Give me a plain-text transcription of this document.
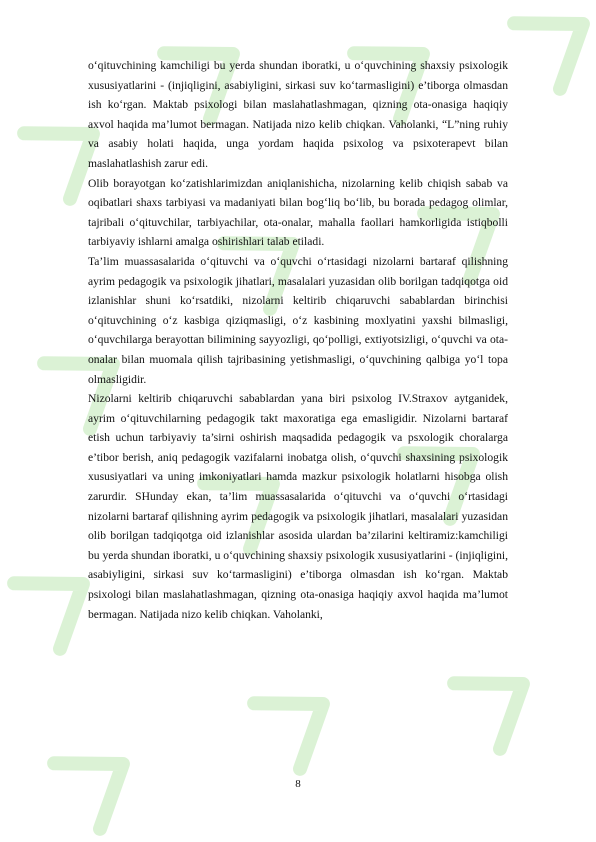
o‘qituvchining kamchiligi bu yerda shundan iboratki, u o‘quvchining shaxsiy psixologik xususiyatlarini - (injiqligini, asabiyligini, sirkasi suv ko‘tarmasligini) e’tiborga olmasdan ish ko‘rgan. Maktab psixologi bilan maslahatlashmagan, qizning ota-onasiga haqiqiy axvol haqida ma’lumot bermagan. Natijada nizo kelib chiqkan. Vaholanki, “L”ning ruhiy va asabiy holati haqida, unga yordam haqida psixolog va psixoterapevt bilan maslahatlashish zarur edi.

Olib borayotgan ko‘zatishlarimizdan aniqlanishicha, nizolarning kelib chiqish sabab va oqibatlari shaxs tarbiyasi va madaniyati bilan bog‘liq bo‘lib, bu borada pedagog olimlar, tajribali o‘qituvchilar, tarbiyachilar, ota-onalar, mahalla faollari hamkorligida istiqbolli tarbiyaviy ishlarni amalga oshirishlari talab etiladi.

Ta’lim muassasalarida o‘qituvchi va o‘quvchi o‘rtasidagi nizolarni bartaraf qilishning ayrim pedagogik va psixologik jihatlari, masalalari yuzasidan olib borilgan tadqiqotga oid izlanishlar shuni ko‘rsatdiki, nizolarni keltirib chiqaruvchi sabablardan birinchisi o‘qituvchining o‘z kasbiga qiziqmasligi, o‘z kasbining moxlyatini yaxshi bilmasligi, o‘quvchilarga berayottan bilimining sayyozligi, qo‘polligi, extiyotsizligi, o‘quvchi va ota- onalar bilan muomala qilish tajribasining yetishmasligi, o‘quvchining qalbiga yo‘l topa olmasligidir.

Nizolarni keltirib chiqaruvchi sabablardan yana biri psixolog IV.Straxov aytganidek, ayrim o‘qituvchilarning pedagogik takt maxoratiga ega emasligidir. Nizolarni bartaraf etish uchun tarbiyaviy ta’sirni oshirish maqsadida pedagogik va psxologik choralarga e’tibor berish, aniq pedagogik vazifalarni inobatga olish, o‘quvchi shaxsining psixologik xususiyatlari va uning imkoniyatlari hamda mazkur psixologik holatlarni hisobga olish zarurdir. SHunday ekan, ta’lim muassasalarida o‘qituvchi va o‘quvchi o‘rtasidagi nizolarni bartaraf qilishning ayrim pedagogik va psixologik jihatlari, masalalari yuzasidan olib borilgan tadqiqotga oid izlanishlar asosida ulardan ba’zilarini keltiramiz:kamchiligi bu yerda shundan iboratki, u o‘quvchining shaxsiy psixologik xususiyatlarini - (injiqligini, asabiyligini, sirkasi suv ko‘tarmasligini) e’tiborga olmasdan ish ko‘rgan. Maktab psixologi bilan maslahatlashmagan, qizning ota-onasiga haqiqiy axvol haqida ma’lumot bermagan. Natijada nizo kelib chiqkan. Vaholanki,

8
